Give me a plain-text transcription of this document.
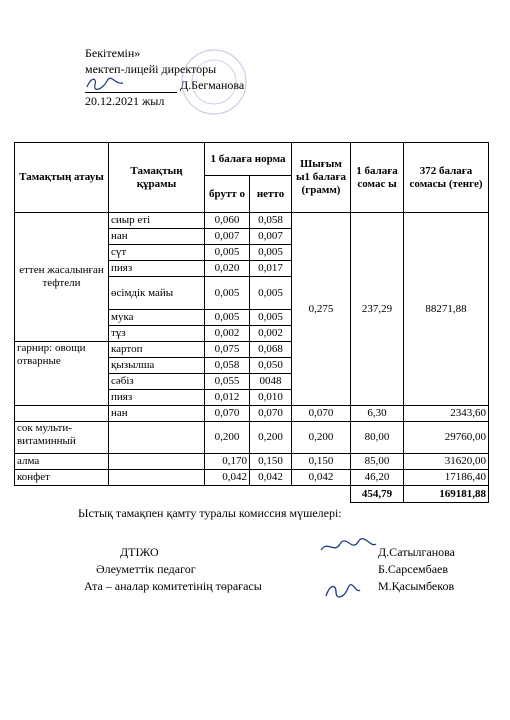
Бекітемін»
мектеп-лицейі директоры
Д.Бегманова
20.12.2021 жыл
Тамақтың атауы	Тамақтың құрамы	1 балаға норма		Шығым ы1 балаға (грамм)	1 балаға сомас ы	372 балаға сомасы (тенге)
		брутт о	нетто			
еттен жасалынған тефтели	сиыр еті	0,060	0,058	0,275	237,29	88271,88
	нан	0,007	0,007			
	сүт	0,005	0,005			
	пияз	0,020	0,017			
	өсімдік майы	0,005	0,005			
	мука	0,005	0,005			
	тұз	0,002	0,002			
гарнир: овощи отварные	картоп	0,075	0,068			
	қызылша	0,058	0,050			
	сәбіз	0,055	0048			
	пияз	0,012	0,010			
	нан	0,070	0,070	0,070	6,30	2343,60
сок мульти-витаминный		0,200	0,200	0,200	80,00	29760,00
алма		0,170	0,150	0,150	85,00	31620,00
конфет		0,042	0,042	0,042	46,20	17186,40
					454,79	169181,88
Ыстық тамақпен қамту туралы комиссия мүшелері:
ДТІЖО
Әлеуметтік педагог
Ата – аналар комитетінің төрағасы
Д.Сатылганова
Б.Сарсембаев
М.Қасымбеков
